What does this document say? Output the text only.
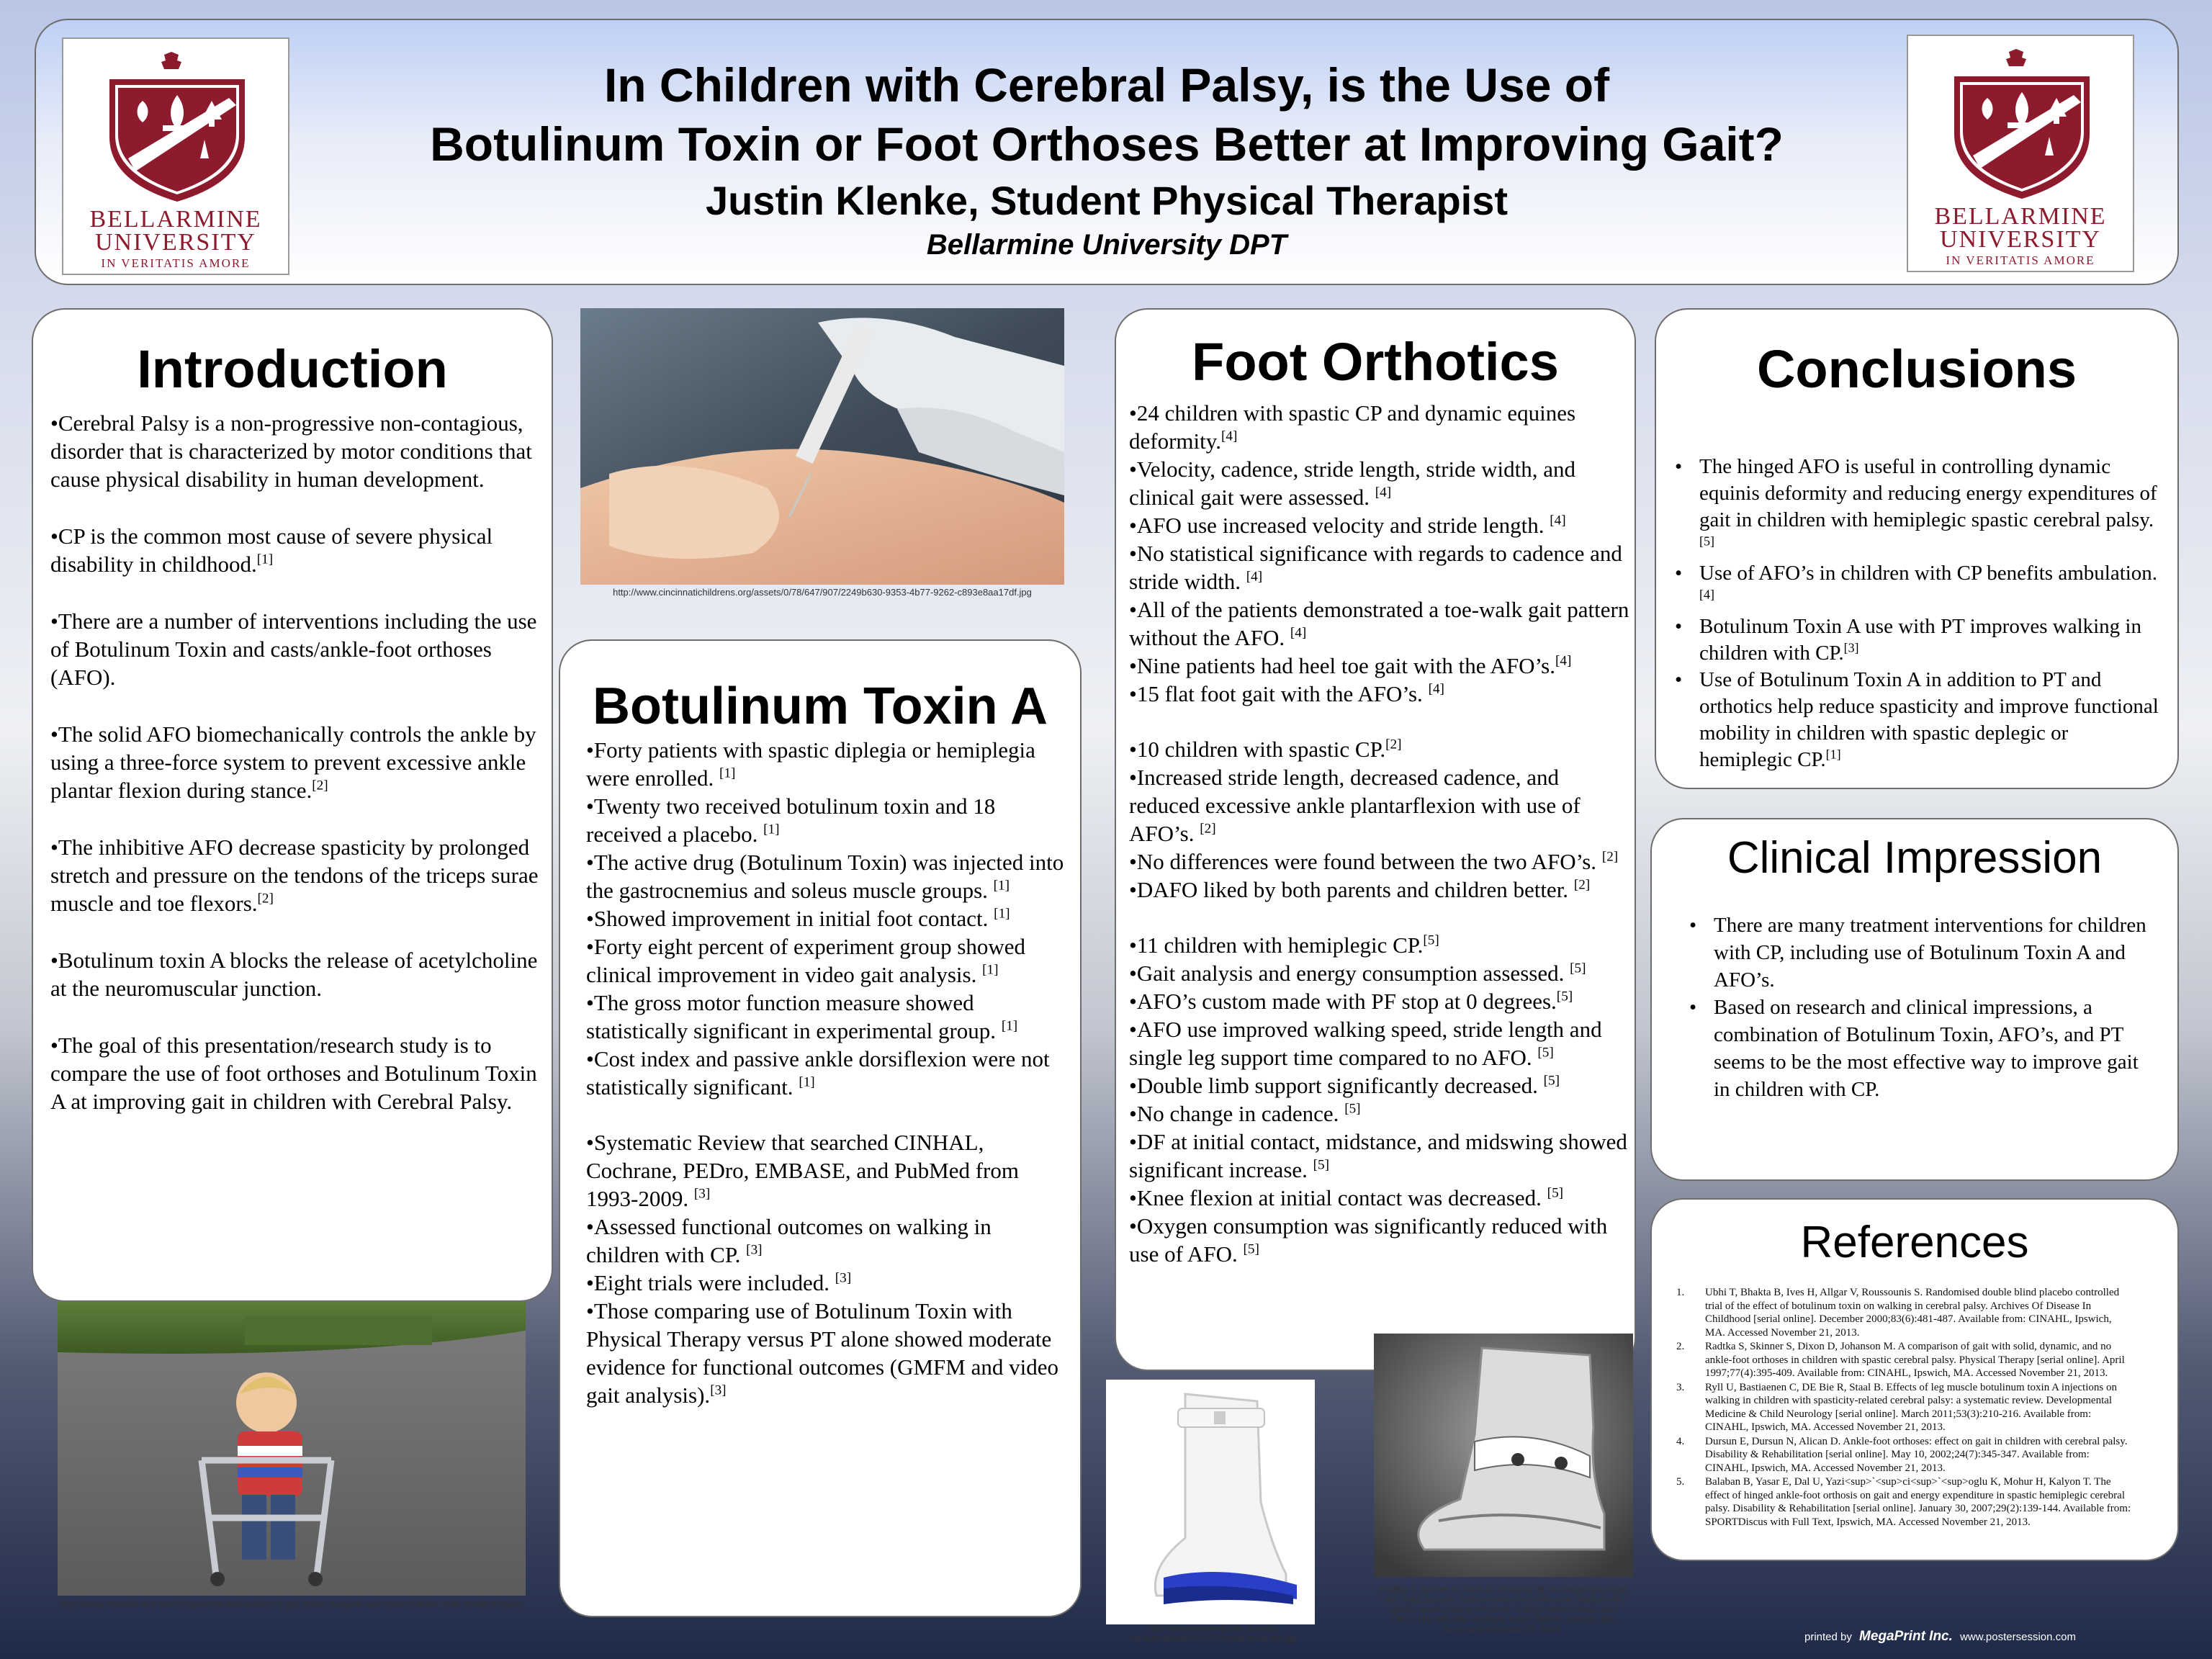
BELLARMINE
UNIVERSITY
IN VERITATIS AMORE
In Children with Cerebral Palsy, is the Use of
Botulinum Toxin or Foot Orthoses Better at Improving Gait?
Justin Klenke, Student Physical Therapist
Bellarmine University DPT
BELLARMINE
UNIVERSITY
IN VERITATIS AMORE
Introduction

•Cerebral Palsy is a non-progressive non-contagious, disorder that is characterized by motor conditions that cause physical disability in human development.

•CP is the common most cause of severe physical disability in childhood.[1]

•There are a number of interventions including the use of Botulinum Toxin and casts/ankle-foot orthoses (AFO).

•The solid AFO biomechanically controls the ankle by using a three-force system to prevent excessive ankle plantar flexion during stance.[2]

•The inhibitive AFO decrease spasticity by prolonged stretch and pressure on the tendons of the triceps surae muscle and toe flexors.[2]

•Botulinum toxin A blocks the release of acetylcholine at the neuromuscular junction.

•The goal of this presentation/research study is to compare the use of foot orthoses and Botulinum Toxin A at improving gait in children with Cerebral Palsy.

http://www.cincinnatichildrens.org/assets/0/78/647/907/2249b630-9353-4b77-9262-c893e8aa17df.jpg
http://www.massdevice.com/blogs/massdevice/does-it-get-better-surgical-outcomes-children-with-cerebral-palsy
Botulinum Toxin A
•Forty patients with spastic diplegia or hemiplegia were enrolled. [1]
•Twenty two received botulinum toxin and 18 received a placebo. [1]
•The active drug (Botulinum Toxin) was injected into the gastrocnemius and soleus muscle groups. [1]
•Showed improvement in initial foot contact. [1]
•Forty eight percent of experiment group showed clinical improvement in video gait analysis. [1]
•The gross motor function measure showed statistically significant in experimental group. [1]
•Cost index and passive ankle dorsiflexion were not statistically significant. [1]
•Systematic Review that searched CINHAL, Cochrane, PEDro, EMBASE, and PubMed from 1993-2009. [3]
•Assessed functional outcomes on walking in children with CP. [3]
•Eight trials were included. [3]
•Those comparing use of Botulinum Toxin with Physical Therapy versus PT alone showed moderate evidence for functional outcomes (GMFM and video gait analysis).[3]
Foot Orthotics
•24 children with spastic CP and dynamic equines deformity.[4]
•Velocity, cadence, stride length, stride width, and clinical gait were assessed. [4]
•AFO use increased velocity and stride length. [4]
•No statistical significance with regards to cadence and stride width. [4]
•All of the patients demonstrated a toe-walk gait pattern without the AFO. [4]
•Nine patients had heel toe gait with the AFO’s.[4]
•15 flat foot gait with the AFO’s. [4]
•10 children with spastic CP.[2]
•Increased stride length, decreased cadence, and reduced excessive ankle plantarflexion with use of AFO’s. [2]
•No differences were found between the two AFO’s. [2]
•DAFO liked by both parents and children better. [2]
•11 children with hemiplegic CP.[5]
•Gait analysis and energy consumption assessed. [5]
•AFO’s custom made with PF stop at 0 degrees.[5]
•AFO use improved walking speed, stride length and single leg support time compared to no AFO. [5]
•Double limb support significantly decreased. [5]
•No change in cadence. [5]
•DF at initial contact, midstance, and midswing showed significant increase. [5]
•Knee flexion at initial contact was decreased. [5]
•Oxygen consumption was significantly reduced with use of AFO. [5]
http://www.startmedicalllc.com/wp-content/uploads/2011/04/solid-ankle-afo.jpg
Radtka S, Skinner S, Dixon D, Johanson M. A comparison of gait with solid, dynamic, and no ankle-foot orthoses in children with spastic cerebral palsy. Physical Therapy [serial online]. April 1997;77(4):395-409. Available from: CINAHL, Ipswich, MA. Accessed November 21, 2013.
Conclusions
• The hinged AFO is useful in controlling dynamic equinis deformity and reducing energy expenditures of gait in children with hemiplegic spastic cerebral palsy.[5]
• Use of AFO’s in children with CP benefits ambulation.[4]
• Botulinum Toxin A use with PT improves walking in children with CP.[3]
• Use of Botulinum Toxin A in addition to PT and orthotics help reduce spasticity and improve functional mobility in children with spastic deplegic or hemiplegic CP.[1]
Clinical Impression
• There are many treatment interventions for children with CP, including use of Botulinum Toxin A and AFO’s.
• Based on research and clinical impressions, a combination of Botulinum Toxin, AFO’s, and PT seems to be the most effective way to improve gait in children with CP.
References
1. Ubhi T, Bhakta B, Ives H, Allgar V, Roussounis S. Randomised double blind placebo controlled trial of the effect of botulinum toxin on walking in cerebral palsy. Archives Of Disease In Childhood [serial online]. December 2000;83(6):481-487. Available from: CINAHL, Ipswich, MA. Accessed November 21, 2013.
2. Radtka S, Skinner S, Dixon D, Johanson M. A comparison of gait with solid, dynamic, and no ankle-foot orthoses in children with spastic cerebral palsy. Physical Therapy [serial online]. April 1997;77(4):395-409. Available from: CINAHL, Ipswich, MA. Accessed November 21, 2013.
3. Ryll U, Bastiaenen C, DE Bie R, Staal B. Effects of leg muscle botulinum toxin A injections on walking in children with spasticity-related cerebral palsy: a systematic review. Developmental Medicine & Child Neurology [serial online]. March 2011;53(3):210-216. Available from: CINAHL, Ipswich, MA. Accessed November 21, 2013.
4. Dursun E, Dursun N, Alican D. Ankle-foot orthoses: effect on gait in children with cerebral palsy. Disability & Rehabilitation [serial online]. May 10, 2002;24(7):345-347. Available from: CINAHL, Ipswich, MA. Accessed November 21, 2013.
5. Balaban B, Yasar E, Dal U, Yazi<sup>`<sup>ci<sup>`<sup>oglu K, Mohur H, Kalyon T. The effect of hinged ankle-foot orthosis on gait and energy expenditure in spastic hemiplegic cerebral palsy. Disability & Rehabilitation [serial online]. January 30, 2007;29(2):139-144. Available from: SPORTDiscus with Full Text, Ipswich, MA. Accessed November 21, 2013.
printed by MegaPrint Inc. www.postersession.com
